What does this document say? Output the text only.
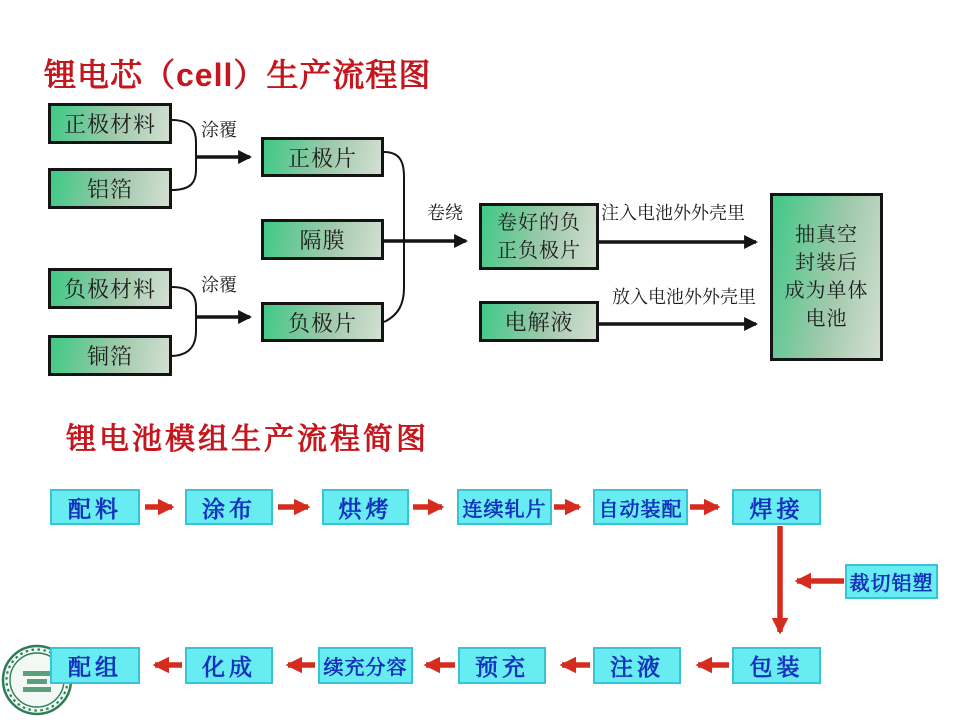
锂电芯（cell）生产流程图
正极材料
铝箔
负极材料
铜箔
正极片
隔膜
负极片
卷好的负
正负极片
电解液
抽真空
封装后
成为单体
电池
涂覆
涂覆
卷绕	注入电池外外壳里
放入电池外外壳里
锂电池模组生产流程简图
配料	涂布	烘烤	连续轧片	自动装配	焊接
裁切铝塑
配组	化成	续充分容	预充	注液	包装
